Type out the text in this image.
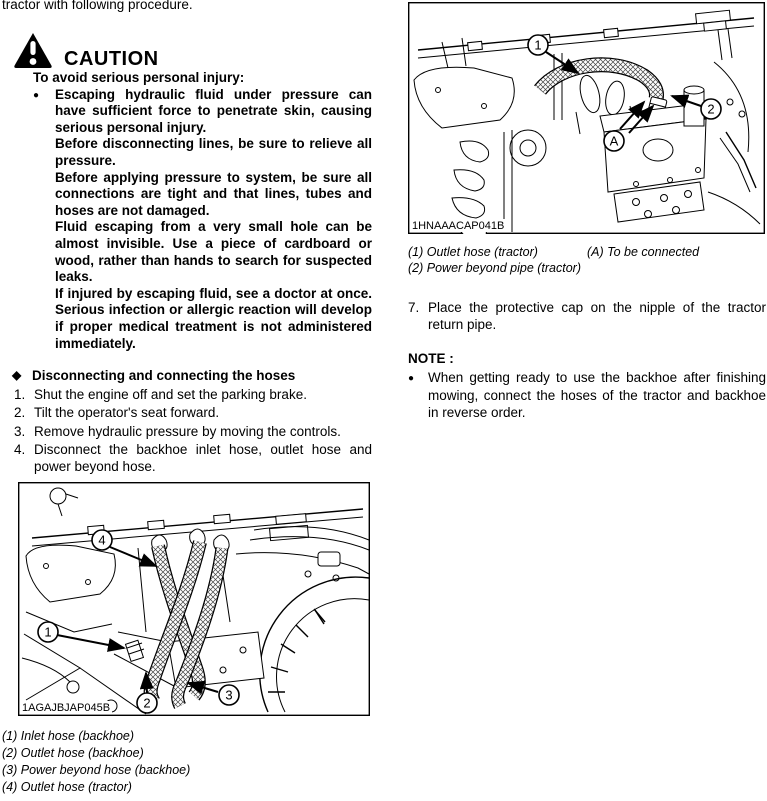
tractor with following procedure.

CAUTION

To avoid serious personal injury:

●	Escaping hydraulic fluid under pressure can have sufficient force to penetrate skin, causing serious personal injury.

Before disconnecting lines, be sure to relieve all pressure.

Before applying pressure to system, be sure all connections are tight and that lines, tubes and hoses are not damaged.

Fluid escaping from a very small hole can be almost invisible. Use a piece of cardboard or wood, rather than hands to search for suspected leaks.

If injured by escaping fluid, see a doctor at once. Serious infection or allergic reaction will develop if proper medical treatment is not administered immediately.

◆ Disconnecting and connecting the hoses
1. Shut the engine off and set the parking brake.
2. Tilt the operator's seat forward.
3. Remove hydraulic pressure by moving the controls.
4. Disconnect the backhoe inlet hose, outlet hose and power beyond hose.
4
1
2
3
1AGAJBJAP045B

(1) Inlet hose (backhoe)

(2) Outlet hose (backhoe)

(3) Power beyond hose (backhoe)

(4) Outlet hose (tractor)

1
2
A
1HNAAACAP041B

(1) Outlet hose (tractor)

(2) Power beyond pipe (tractor)

(A) To be connected

7. Place the protective cap on the nipple of the tractor return pipe.

NOTE :

●	When getting ready to use the backhoe after finishing mowing, connect the hoses of the tractor and backhoe in reverse order.
